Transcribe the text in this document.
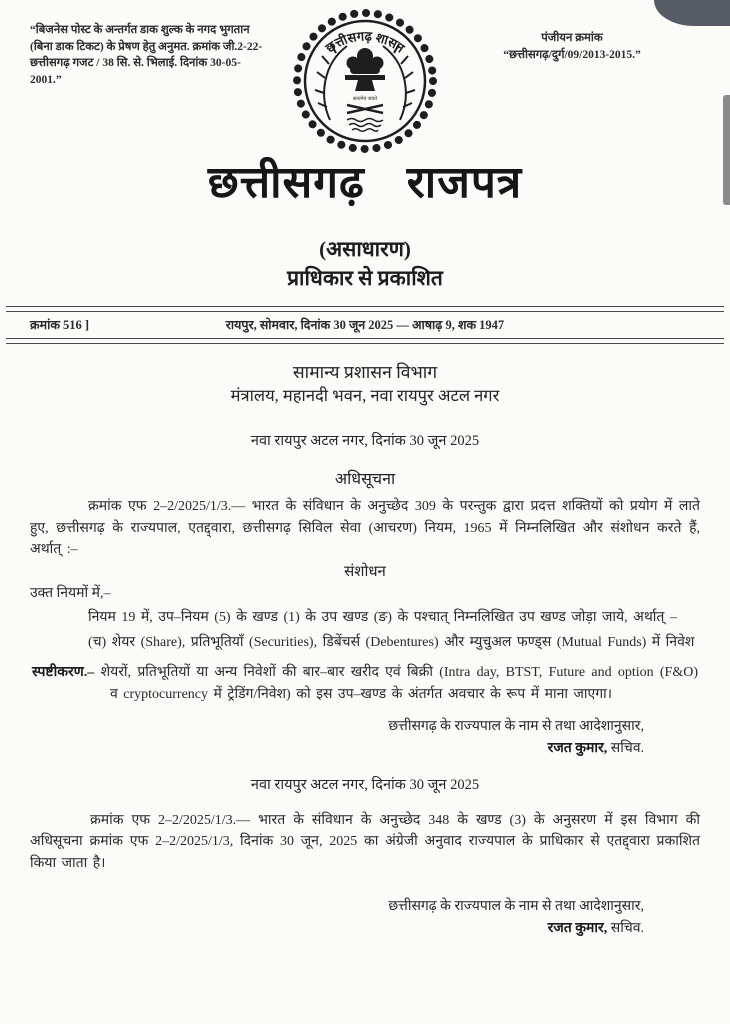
“बिजनेस पोस्ट के अन्तर्गत डाक शुल्क के नगद भुगतान (बिना डाक टिकट) के प्रेषण हेतु अनुमत. क्रमांक जी.2-22-छत्तीसगढ़ गजट / 38 सि. से. भिलाई. दिनांक 30-05-2001.”
पंजीयन क्रमांक
“छत्तीसगढ़/दुर्ग/09/2013-2015.”
छत्तीसगढ़ शासन
सत्यमेव जयते
छत्तीसगढ़ राजपत्र
(असाधारण)
प्राधिकार से प्रकाशित
क्रमांक 516 ]	रायपुर, सोमवार, दिनांक 30 जून 2025 — आषाढ़ 9, शक 1947
सामान्य प्रशासन विभाग
मंत्रालय, महानदी भवन, नवा रायपुर अटल नगर
नवा रायपुर अटल नगर, दिनांक 30 जून 2025
अधिसूचना
क्रमांक एफ 2–2/2025/1/3.— भारत के संविधान के अनुच्छेद 309 के परन्तुक द्वारा प्रदत्त शक्तियों को प्रयोग में लाते हुए, छत्तीसगढ़ के राज्यपाल, एतद्द्वारा, छत्तीसगढ़ सिविल सेवा (आचरण) नियम, 1965 में निम्नलिखित और संशोधन करते हैं, अर्थात् :–
संशोधन
उक्त नियमों में,–
नियम 19 में, उप–नियम (5) के खण्ड (1) के उप खण्ड (ङ) के पश्चात् निम्नलिखित उप खण्ड जोड़ा जाये, अर्थात् –
(च) शेयर (Share), प्रतिभूतियाँ (Securities), डिबेंचर्स (Debentures) और म्युचुअल फण्ड्स (Mutual Funds) में निवेश
स्पष्टीकरण.– शेयरों, प्रतिभूतियों या अन्य निवेशों की बार–बार खरीद एवं बिक्री (Intra day, BTST, Future and option (F&O) व cryptocurrency में ट्रेडिंग/निवेश) को इस उप–खण्ड के अंतर्गत अवचार के रूप में माना जाएगा।
छत्तीसगढ़ के राज्यपाल के नाम से तथा आदेशानुसार,
रजत कुमार, सचिव.
नवा रायपुर अटल नगर, दिनांक 30 जून 2025
क्रमांक एफ 2–2/2025/1/3.— भारत के संविधान के अनुच्छेद 348 के खण्ड (3) के अनुसरण में इस विभाग की अधिसूचना क्रमांक एफ 2–2/2025/1/3, दिनांक 30 जून, 2025 का अंग्रेजी अनुवाद राज्यपाल के प्राधिकार से एतद्द्वारा प्रकाशित किया जाता है।
छत्तीसगढ़ के राज्यपाल के नाम से तथा आदेशानुसार,
रजत कुमार, सचिव.
